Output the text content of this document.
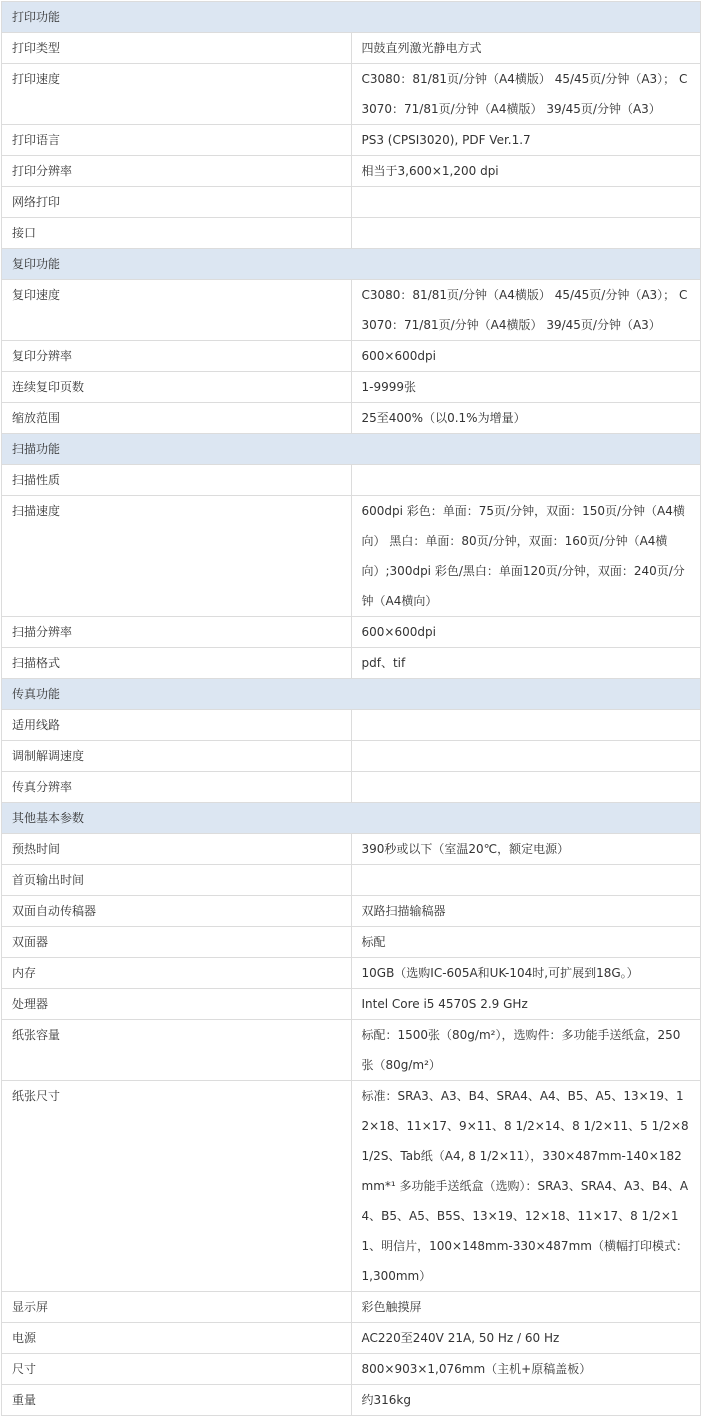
打印功能	
打印类型	四鼓直列激光静电方式
打印速度	C3080：81/81页/分钟（A4横版） 45/45页/分钟（A3）； C3070：71/81页/分钟（A4横版） 39/45页/分钟（A3）
打印语言	PS3 (CPSI3020), PDF Ver.1.7
打印分辨率	相当于3,600×1,200 dpi
网络打印	
接口	
复印功能	
复印速度	C3080：81/81页/分钟（A4横版） 45/45页/分钟（A3）； C3070：71/81页/分钟（A4横版） 39/45页/分钟（A3）
复印分辨率	600×600dpi
连续复印页数	1-9999张
缩放范围	25至400%（以0.1%为增量）
扫描功能	
扫描性质	
扫描速度	600dpi 彩色：单面：75页/分钟，双面：150页/分钟（A4横向） 黑白：单面：80页/分钟，双面：160页/分钟（A4横向）;300dpi 彩色/黑白：单面120页/分钟，双面：240页/分钟（A4横向）
扫描分辨率	600×600dpi
扫描格式	pdf、tif
传真功能	
适用线路	
调制解调速度	
传真分辨率	
其他基本参数	
预热时间	390秒或以下（室温20℃，额定电源）
首页输出时间	
双面自动传稿器	双路扫描输稿器
双面器	标配
内存	10GB（选购IC-605A和UK-104时,可扩展到18G。）
处理器	Intel Core i5 4570S 2.9 GHz
纸张容量	标配：1500张（80g/m²），选购件：多功能手送纸盒，250张（80g/m²）
纸张尺寸	标准：SRA3、A3、B4、SRA4、A4、B5、A5、13×19、12×18、11×17、9×11、8 1/2×14、8 1/2×11、5 1/2×8 1/2S、Tab纸（A4, 8 1/2×11），330×487mm-140×182mm*¹ 多功能手送纸盒（选购）：SRA3、SRA4、A3、B4、A4、B5、A5、B5S、13×19、12×18、11×17、8 1/2×11、明信片，100×148mm-330×487mm（横幅打印模式：1,300mm）
显示屏	彩色触摸屏
电源	AC220至240V 21A, 50 Hz / 60 Hz
尺寸	800×903×1,076mm（主机+原稿盖板）
重量	约316kg
